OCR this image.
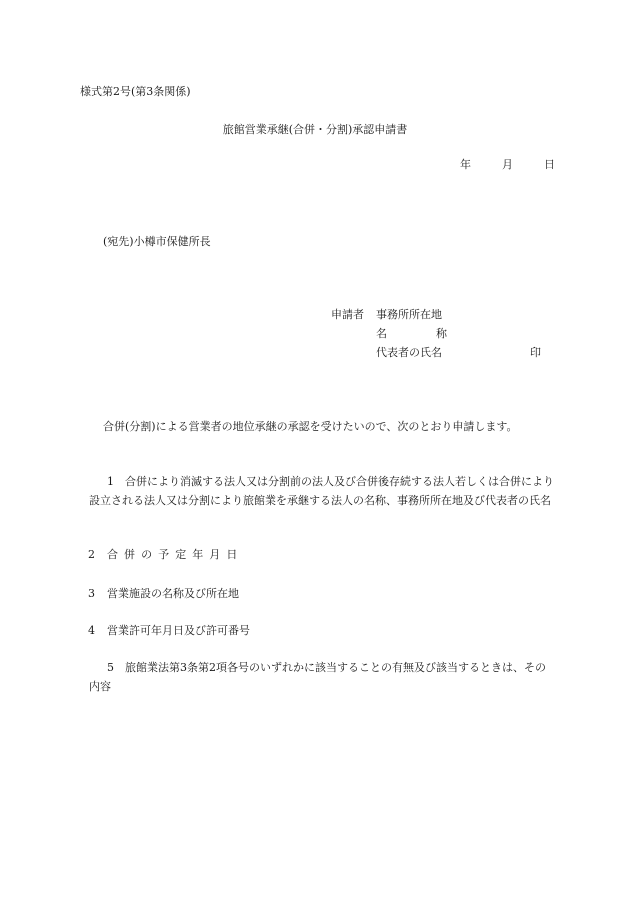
様式第2号(第3条関係)
旅館営業承継(合併・分割)承認申請書
年	月	日
(宛先)小樽市保健所長
申請者 事務所所在地
名	称
代表者の氏名	印
合併(分割)による営業者の地位承継の承認を受けたいので、次のとおり申請します。
1　 合併により消滅する法人又は分割前の法人及び合併後存続する法人若しくは合併により設立される法人又は分割により旅館業を承継する法人の名称、事務所所在地及び代表者の氏名
2	合併の予定年月日
3	営業施設の名称及び所在地
4	営業許可年月日及び許可番号
5　 旅館業法第3条第2項各号のいずれかに該当することの有無及び該当するときは、その内容
